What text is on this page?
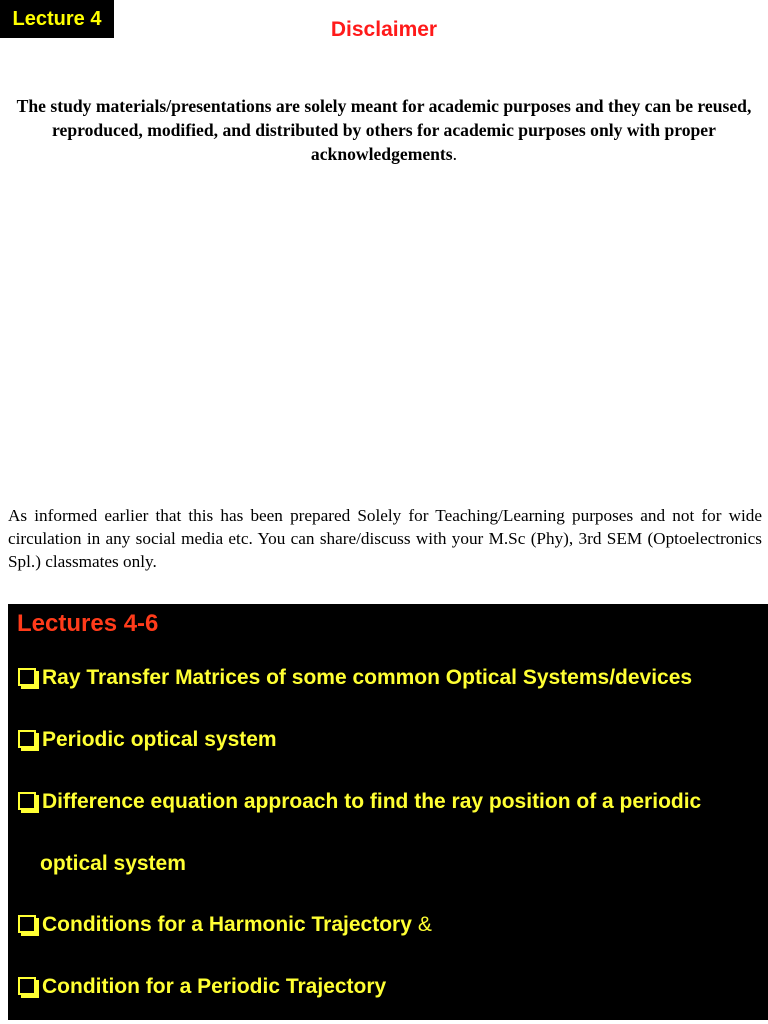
Lecture 4	Disclaimer
The study materials/presentations are solely meant for academic purposes and they can be reused, reproduced, modified, and distributed by others for academic purposes only with proper acknowledgements.
As informed earlier that this has been prepared Solely for Teaching/Learning purposes and not for wide circulation in any social media etc. You can share/discuss with your M.Sc (Phy), 3rd SEM (Optoelectronics Spl.) classmates only.
Lectures 4-6
Ray Transfer Matrices of some common Optical Systems/devices
Periodic optical system
Difference equation approach to find the ray position of a periodic
optical system
Conditions for a Harmonic Trajectory &
Condition for a Periodic Trajectory
